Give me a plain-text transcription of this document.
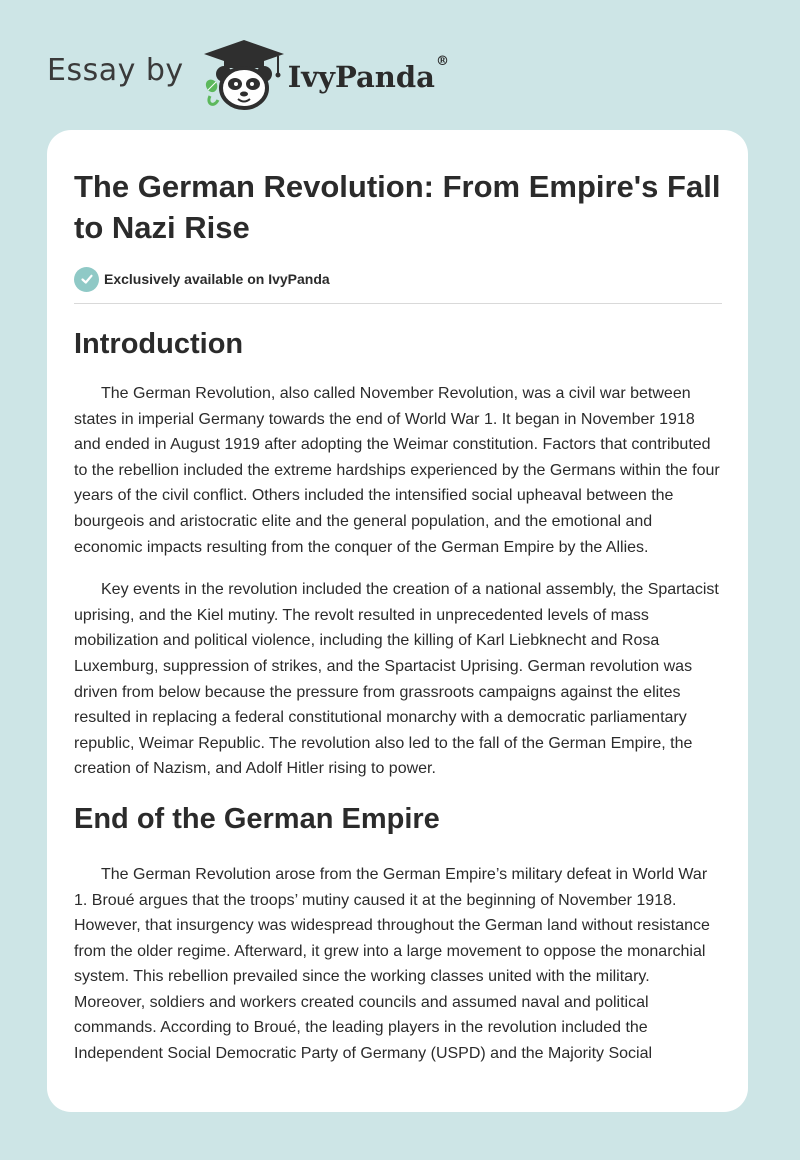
Essay by	IvyPanda®
The German Revolution: From Empire's Fall to Nazi Rise
Exclusively available on IvyPanda
Introduction

The German Revolution, also called November Revolution, was a civil war between states in imperial Germany towards the end of World War 1. It began in November 1918 and ended in August 1919 after adopting the Weimar constitution. Factors that contributed to the rebellion included the extreme hardships experienced by the Germans within the four years of the civil conflict. Others included the intensified social upheaval between the bourgeois and aristocratic elite and the general population, and the emotional and economic impacts resulting from the conquer of the German Empire by the Allies.

Key events in the revolution included the creation of a national assembly, the Spartacist uprising, and the Kiel mutiny. The revolt resulted in unprecedented levels of mass mobilization and political violence, including the killing of Karl Liebknecht and Rosa Luxemburg, suppression of strikes, and the Spartacist Uprising. German revolution was driven from below because the pressure from grassroots campaigns against the elites resulted in replacing a federal constitutional monarchy with a democratic parliamentary republic, Weimar Republic. The revolution also led to the fall of the German Empire, the creation of Nazism, and Adolf Hitler rising to power.

End of the German Empire

The German Revolution arose from the German Empire’s military defeat in World War 1. Broué argues that the troops’ mutiny caused it at the beginning of November 1918. However, that insurgency was widespread throughout the German land without resistance from the older regime. Afterward, it grew into a large movement to oppose the monarchial system. This rebellion prevailed since the working classes united with the military. Moreover, soldiers and workers created councils and assumed naval and political commands. According to Broué, the leading players in the revolution included the Independent Social Democratic Party of Germany (USPD) and the Majority Social
